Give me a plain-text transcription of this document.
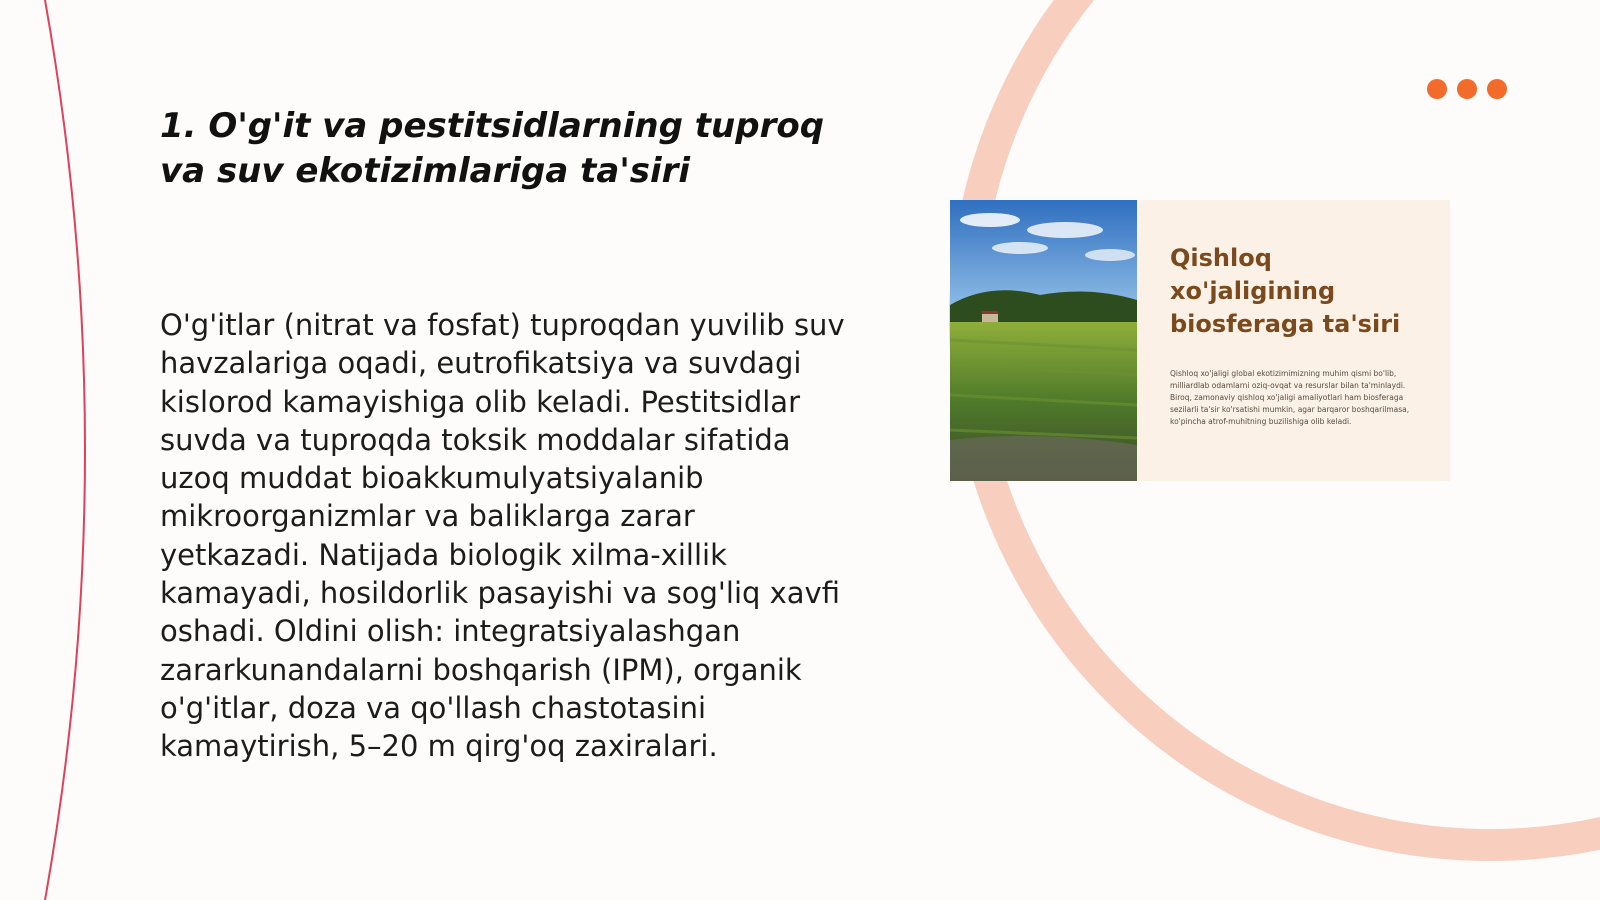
1. O'g'it va pestitsidlarning tuproq va suv ekotizimlariga ta'siri

O'g'itlar (nitrat va fosfat) tuproqdan yuvilib suv havzalariga oqadi, eutrofikatsiya va suvdagi kislorod kamayishiga olib keladi. Pestitsidlar suvda va tuproqda toksik moddalar sifatida uzoq muddat bioakkumulyatsiyalanib mikroorganizmlar va baliklarga zarar yetkazadi. Natijada biologik xilma-xillik kamayadi, hosildorlik pasayishi va sog'liq xavfi oshadi. Oldini olish: integratsiyalashgan zararkunandalarni boshqarish (IPM), organik o'g'itlar, doza va qo'llash chastotasini kamaytirish, 5–20 m qirg'oq zaxiralari.

Qishloq xo'jaligining biosferaga ta'siri

Qishloq xo'jaligi global ekotizimimizning muhim qismi bo'lib, milliardlab odamlarni oziq-ovqat va resurslar bilan ta'minlaydi. Biroq, zamonaviy qishloq xo'jaligi amaliyotlari ham biosferaga sezilarli ta'sir ko'rsatishi mumkin, agar barqaror boshqarilmasa, ko'pincha atrof-muhitning buzilishiga olib keladi.
